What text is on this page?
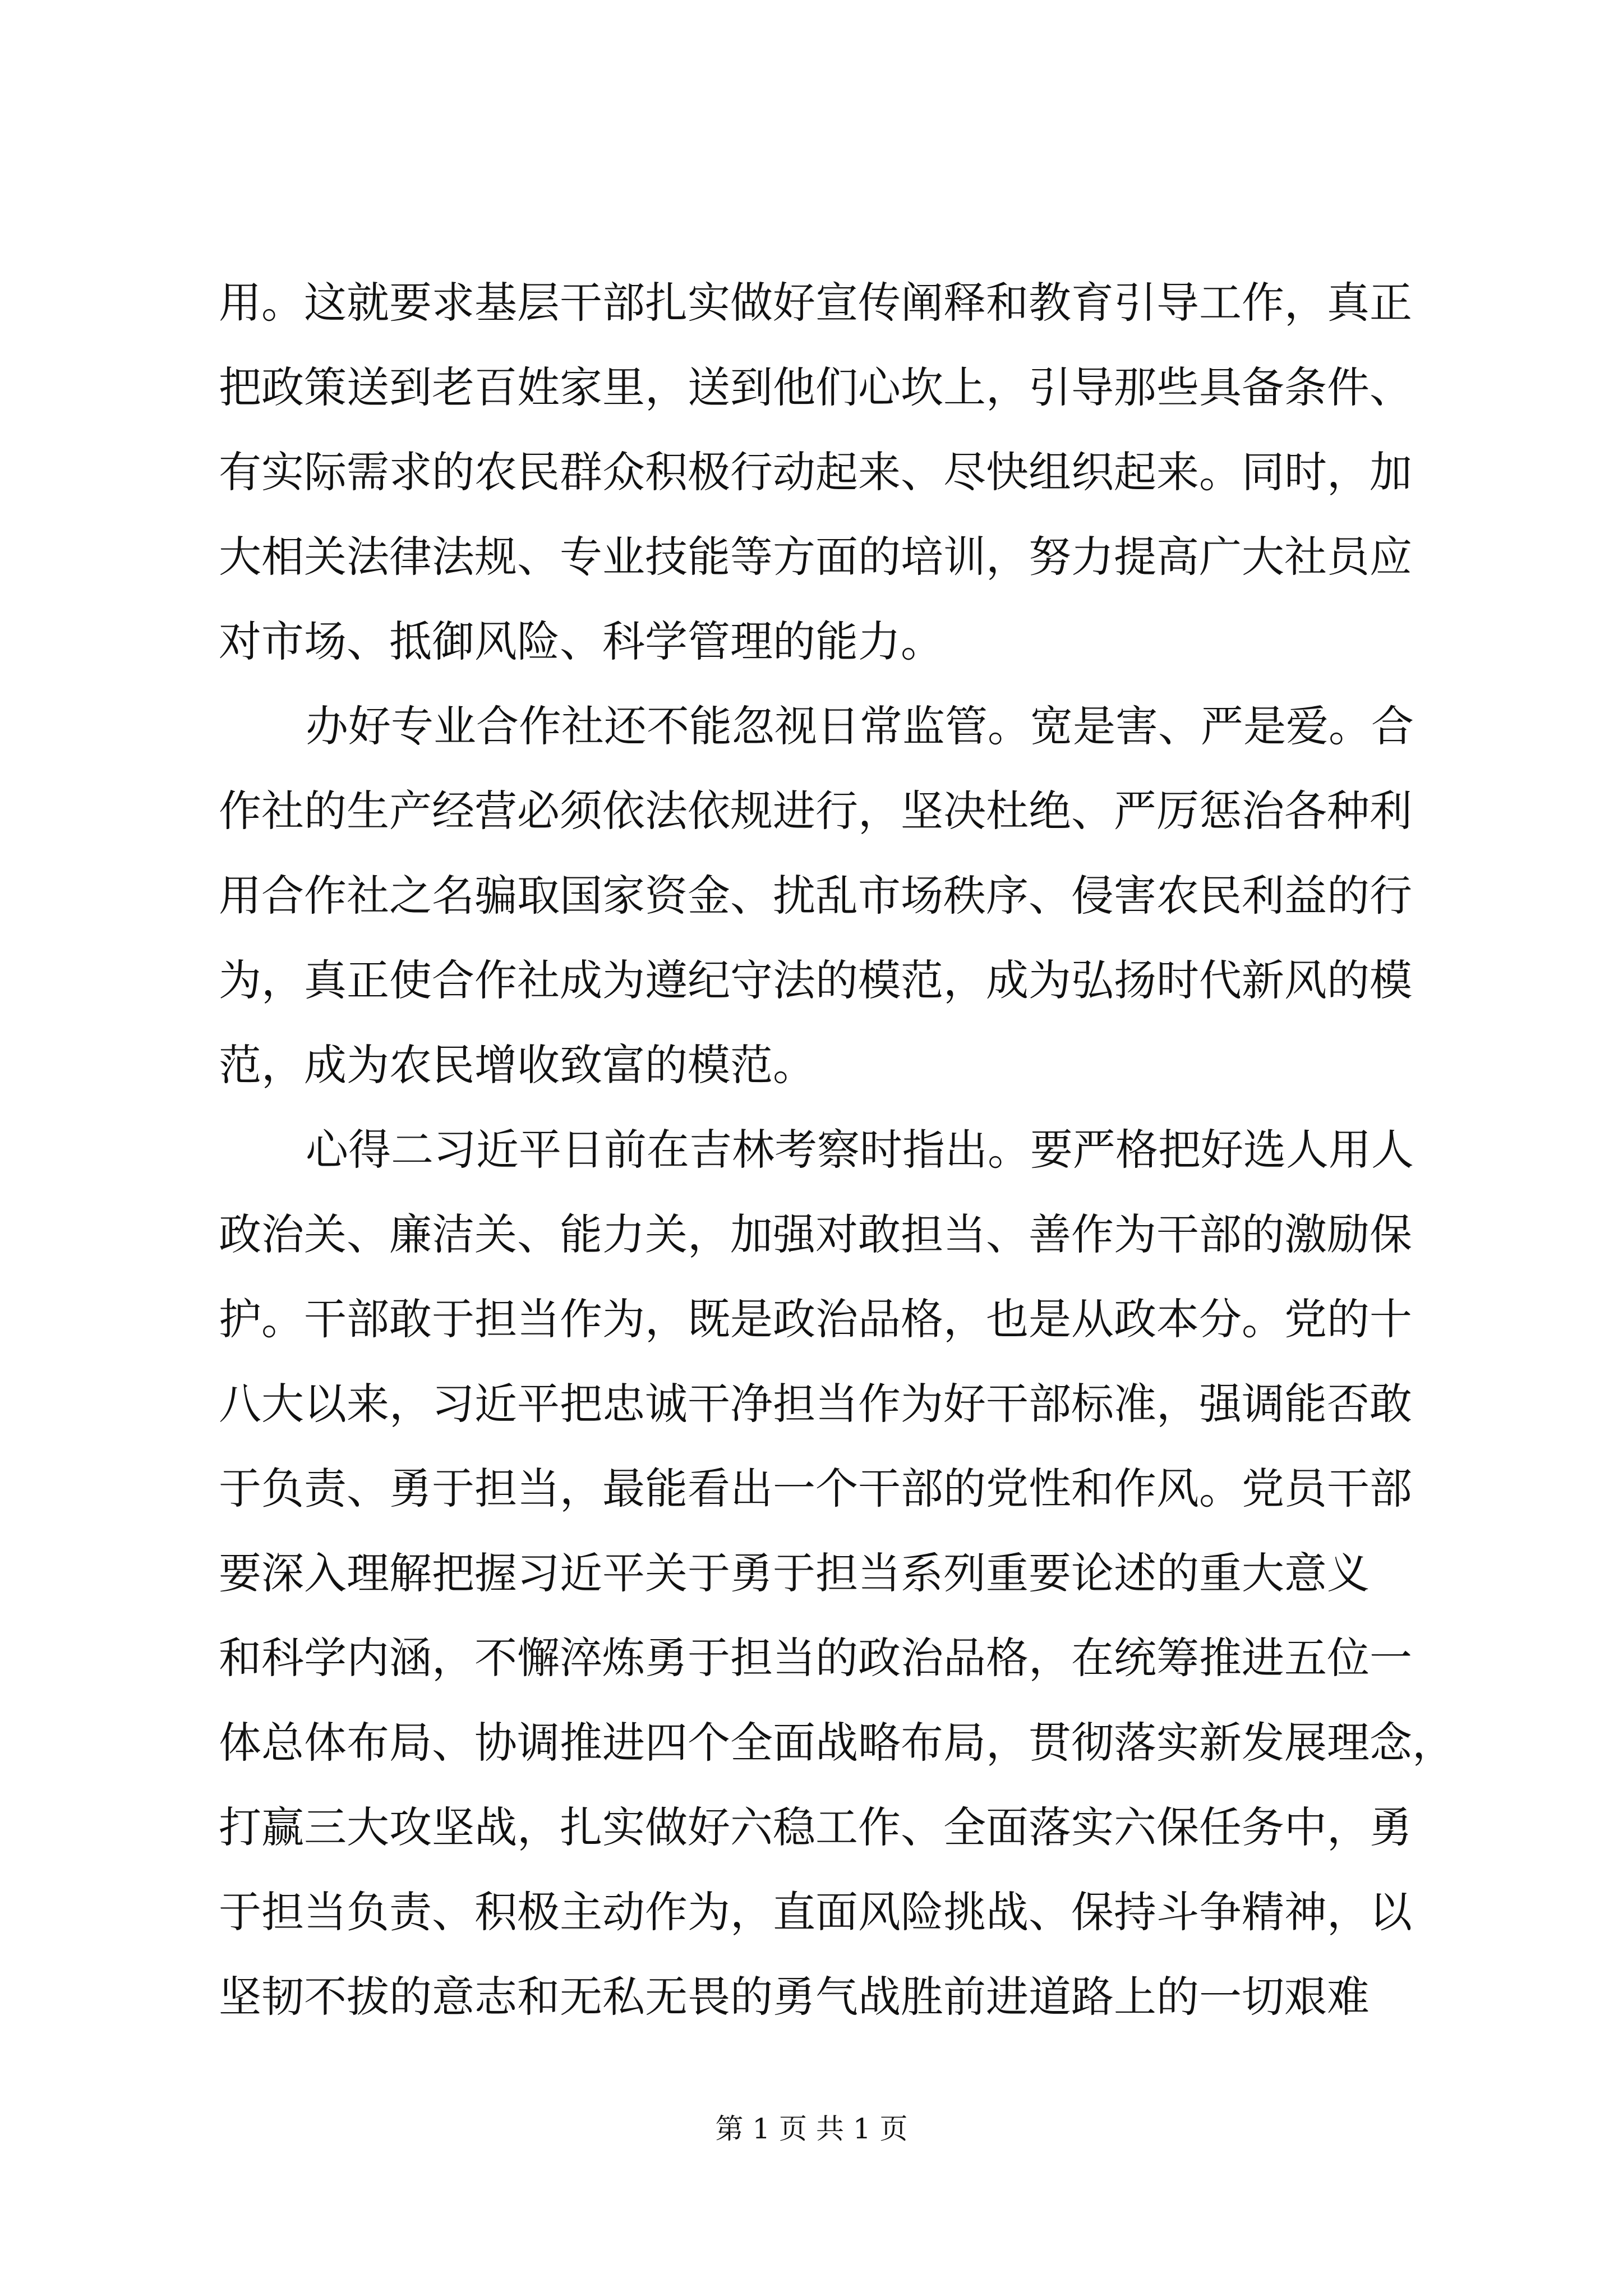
用。这就要求基层干部扎实做好宣传阐释和教育引导工作，真正
把政策送到老百姓家里，送到他们心坎上，引导那些具备条件、
有实际需求的农民群众积极行动起来、尽快组织起来。同时，加
大相关法律法规、专业技能等方面的培训，努力提高广大社员应
对市场、抵御风险、科学管理的能力。
办好专业合作社还不能忽视日常监管。宽是害、严是爱。合
作社的生产经营必须依法依规进行，坚决杜绝、严厉惩治各种利
用合作社之名骗取国家资金、扰乱市场秩序、侵害农民利益的行
为，真正使合作社成为遵纪守法的模范，成为弘扬时代新风的模
范，成为农民增收致富的模范。
心得二习近平日前在吉林考察时指出。要严格把好选人用人
政治关、廉洁关、能力关，加强对敢担当、善作为干部的激励保
护。干部敢于担当作为，既是政治品格，也是从政本分。党的十
八大以来，习近平把忠诚干净担当作为好干部标准，强调能否敢
于负责、勇于担当，最能看出一个干部的党性和作风。党员干部
要深入理解把握习近平关于勇于担当系列重要论述的重大意义
和科学内涵，不懈淬炼勇于担当的政治品格，在统筹推进五位一
体总体布局、协调推进四个全面战略布局，贯彻落实新发展理念，
打赢三大攻坚战，扎实做好六稳工作、全面落实六保任务中，勇
于担当负责、积极主动作为，直面风险挑战、保持斗争精神，以
坚韧不拔的意志和无私无畏的勇气战胜前进道路上的一切艰难
第 1 页 共 1 页
